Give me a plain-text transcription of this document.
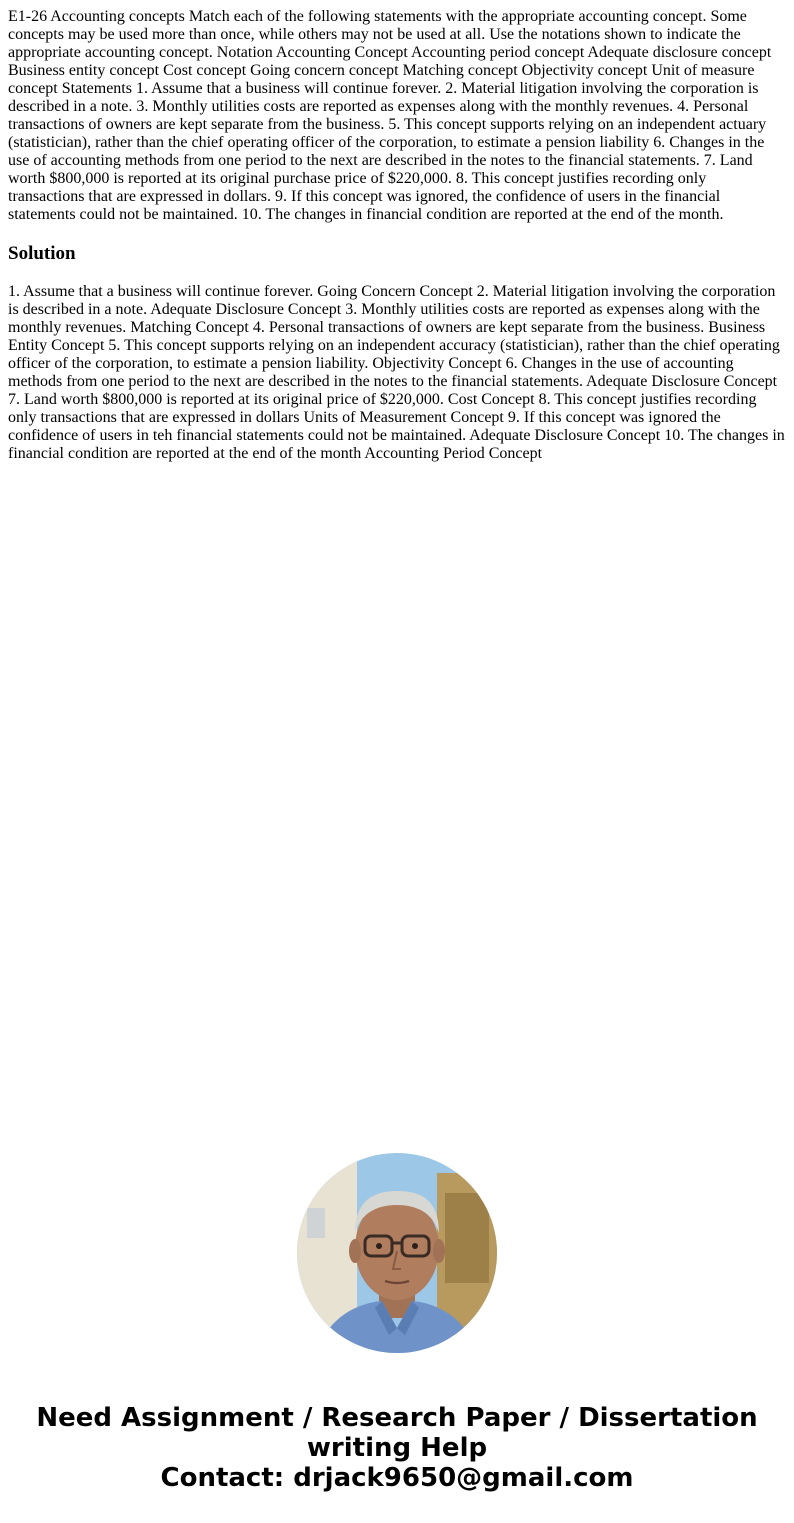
E1-26 Accounting concepts Match each of the following statements with the appropriate accounting concept. Some concepts may be used more than once, while others may not be used at all. Use the notations shown to indicate the appropriate accounting concept. Notation Accounting Concept Accounting period concept Adequate disclosure concept Business entity concept Cost concept Going concern concept Matching concept Objectivity concept Unit of measure concept Statements 1. Assume that a business will continue forever. 2. Material litigation involving the corporation is described in a note. 3. Monthly utilities costs are reported as expenses along with the monthly revenues. 4. Personal transactions of owners are kept separate from the business. 5. This concept supports relying on an independent actuary (statistician), rather than the chief operating officer of the corporation, to estimate a pension liability 6. Changes in the use of accounting methods from one period to the next are described in the notes to the financial statements. 7. Land worth $800,000 is reported at its original purchase price of $220,000. 8. This concept justifies recording only transactions that are expressed in dollars. 9. If this concept was ignored, the confidence of users in the financial statements could not be maintained. 10. The changes in financial condition are reported at the end of the month.

Solution

1. Assume that a business will continue forever. Going Concern Concept 2. Material litigation involving the corporation is described in a note. Adequate Disclosure Concept 3. Monthly utilities costs are reported as expenses along with the monthly revenues. Matching Concept 4. Personal transactions of owners are kept separate from the business. Business Entity Concept 5. This concept supports relying on an independent accuracy (statistician), rather than the chief operating officer of the corporation, to estimate a pension liability. Objectivity Concept 6. Changes in the use of accounting methods from one period to the next are described in the notes to the financial statements. Adequate Disclosure Concept 7. Land worth $800,000 is reported at its original price of $220,000. Cost Concept 8. This concept justifies recording only transactions that are expressed in dollars Units of Measurement Concept 9. If this concept was ignored the confidence of users in teh financial statements could not be maintained. Adequate Disclosure Concept 10. The changes in financial condition are reported at the end of the month Accounting Period Concept

Need Assignment / Research Paper / Dissertation
writing Help
Contact: drjack9650@gmail.com
